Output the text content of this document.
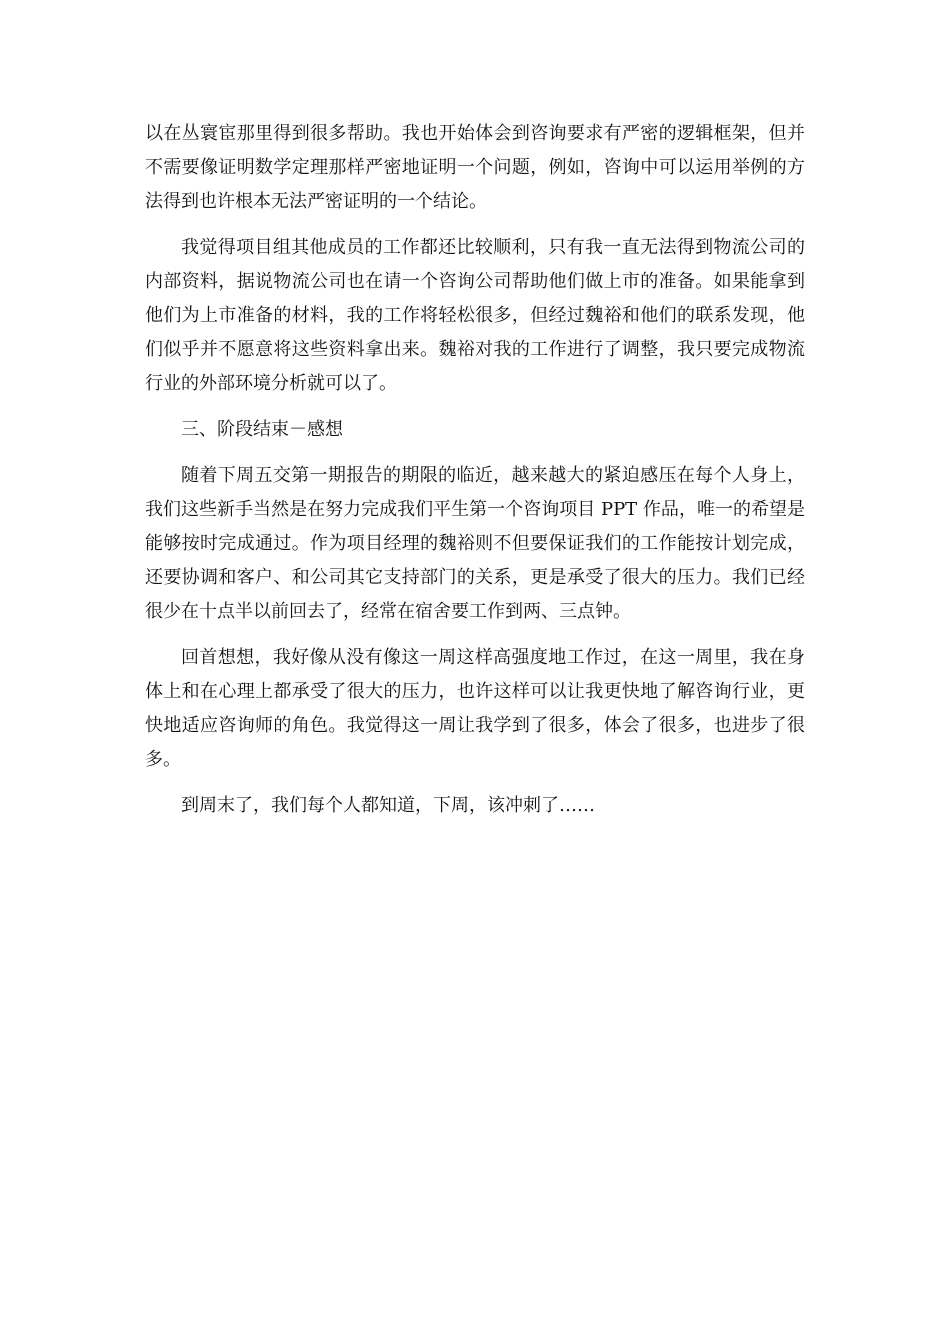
以在丛寰宦那里得到很多帮助。我也开始体会到咨询要求有严密的逻辑框架，但并不需要像证明数学定理那样严密地证明一个问题，例如，咨询中可以运用举例的方法得到也许根本无法严密证明的一个结论。

我觉得项目组其他成员的工作都还比较顺利，只有我一直无法得到物流公司的内部资料，据说物流公司也在请一个咨询公司帮助他们做上市的准备。如果能拿到他们为上市准备的材料，我的工作将轻松很多，但经过魏裕和他们的联系发现，他们似乎并不愿意将这些资料拿出来。魏裕对我的工作进行了调整，我只要完成物流行业的外部环境分析就可以了。

三、阶段结束－感想

随着下周五交第一期报告的期限的临近，越来越大的紧迫感压在每个人身上，我们这些新手当然是在努力完成我们平生第一个咨询项目 PPT 作品，唯一的希望是能够按时完成通过。作为项目经理的魏裕则不但要保证我们的工作能按计划完成，还要协调和客户、和公司其它支持部门的关系，更是承受了很大的压力。我们已经很少在十点半以前回去了，经常在宿舍要工作到两、三点钟。

回首想想，我好像从没有像这一周这样高强度地工作过，在这一周里，我在身体上和在心理上都承受了很大的压力，也许这样可以让我更快地了解咨询行业，更快地适应咨询师的角色。我觉得这一周让我学到了很多，体会了很多，也进步了很多。

到周末了，我们每个人都知道，下周，该冲刺了……
